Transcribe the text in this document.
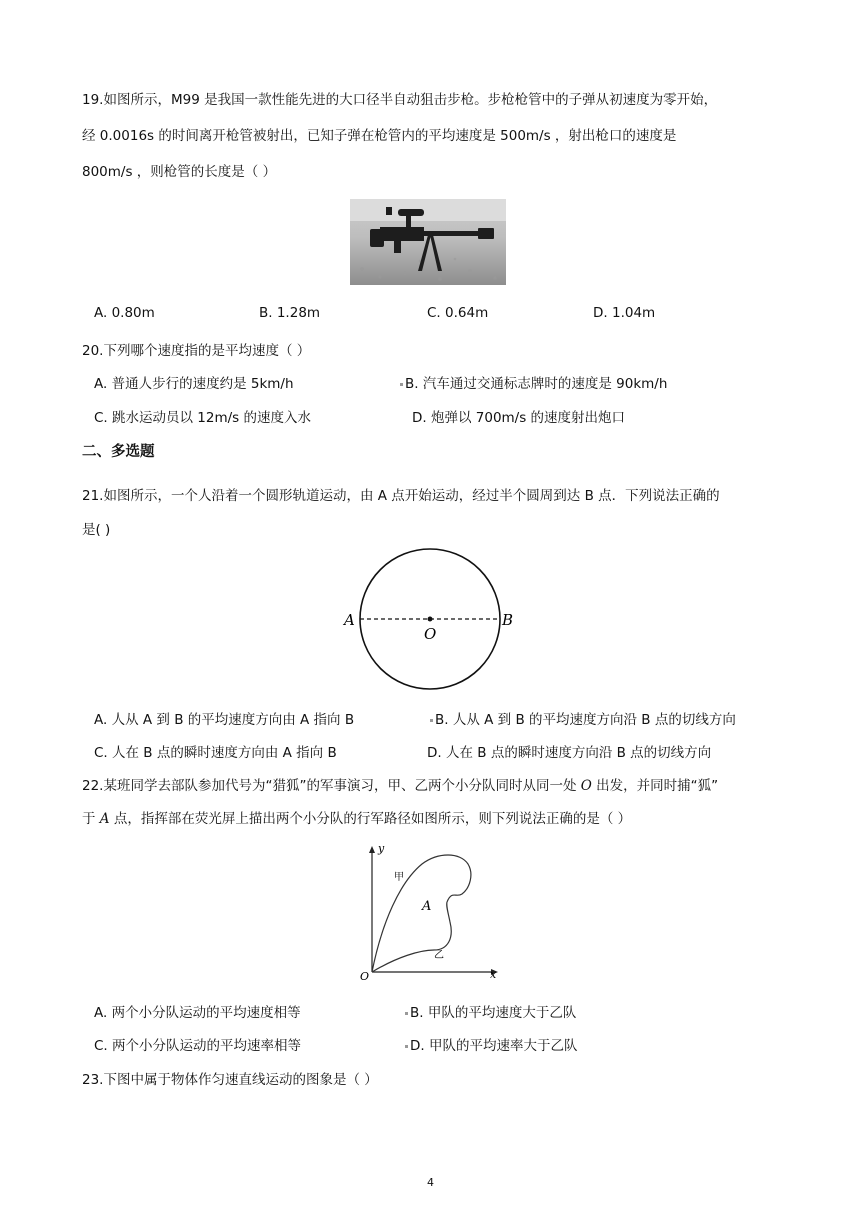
19.如图所示，M99 是我国一款性能先进的大口径半自动狙击步枪。步枪枪管中的子弹从初速度为零开始，
经 0.0016s 的时间离开枪管被射出，已知子弹在枪管内的平均速度是 500m/s ，射出枪口的速度是
800m/s ，则枪管的长度是（ ）
A. 0.80m	B. 1.28m	C. 0.64m	D. 1.04m
20.下列哪个速度指的是平均速度（ ）
A. 普通人步行的速度约是 5km/h	B. 汽车通过交通标志牌时的速度是 90km/h
C. 跳水运动员以 12m/s 的速度入水	D. 炮弹以 700m/s 的速度射出炮口
二、多选题
21.如图所示，一个人沿着一个圆形轨道运动，由 A 点开始运动，经过半个圆周到达 B 点．下列说法正确的
是( )
A	B
O
A. 人从 A 到 B 的平均速度方向由 A 指向 B	B. 人从 A 到 B 的平均速度方向沿 B 点的切线方向
C. 人在 B 点的瞬时速度方向由 A 指向 B	D. 人在 B 点的瞬时速度方向沿 B 点的切线方向
22.某班同学去部队参加代号为“猎狐”的军事演习，甲、乙两个小分队同时从同一处 O 出发，并同时捕“狐”
于 A 点，指挥部在荧光屏上描出两个小分队的行军路径如图所示，则下列说法正确的是（ ）
y
x
O
A
甲
乙
A. 两个小分队运动的平均速度相等	B. 甲队的平均速度大于乙队
C. 两个小分队运动的平均速率相等	D. 甲队的平均速率大于乙队
23.下图中属于物体作匀速直线运动的图象是（ ）
4
